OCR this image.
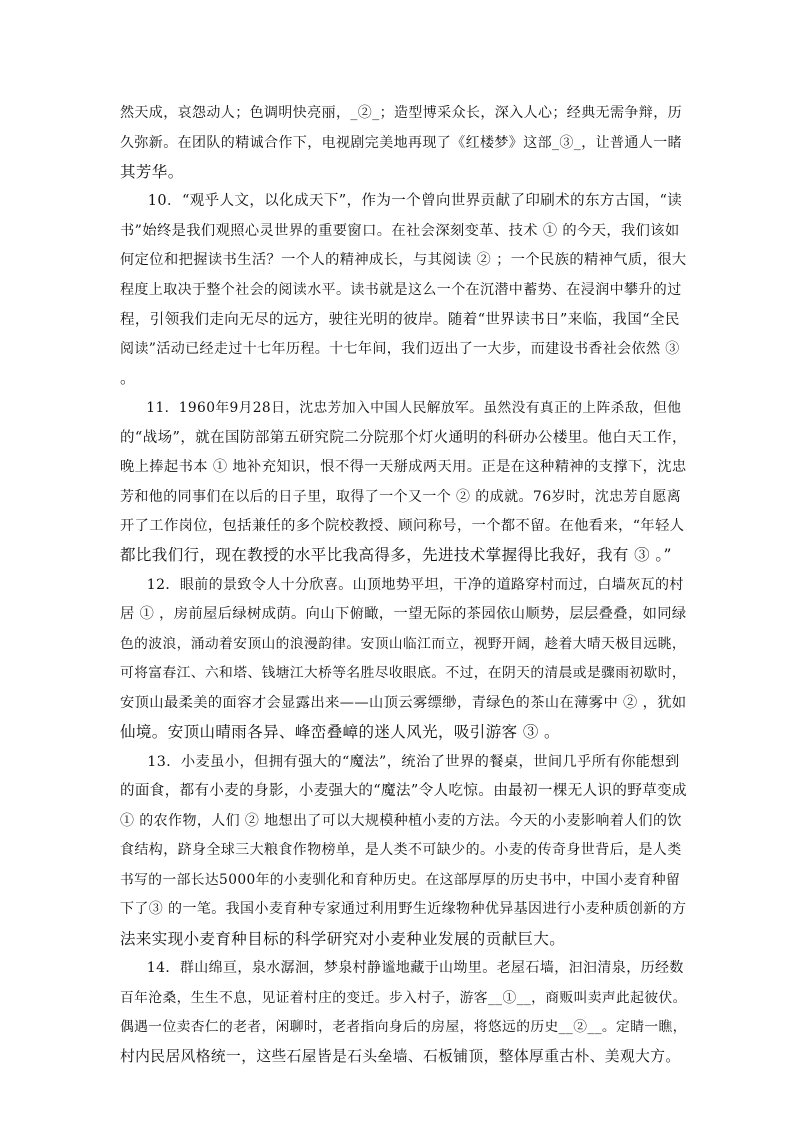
然天成，哀怨动人；色调明快亮丽，_②_；造型博采众长，深入人心；经典无需争辩，历
久弥新。在团队的精诚合作下，电视剧完美地再现了《红楼梦》这部_③_，让普通人一睹
其芳华。
　　10．“观乎人文，以化成天下”，作为一个曾向世界贡献了印刷术的东方古国，“读
书”始终是我们观照心灵世界的重要窗口。在社会深刻变革、技术 ① 的今天，我们该如
何定位和把握读书生活？一个人的精神成长，与其阅读 ② ；一个民族的精神气质，很大
程度上取决于整个社会的阅读水平。读书就是这么一个在沉潜中蓄势、在浸润中攀升的过
程，引领我们走向无尽的远方，驶往光明的彼岸。随着“世界读书日”来临，我国“全民
阅读”活动已经走过十七年历程。十七年间，我们迈出了一大步，而建设书香社会依然 ③
。
　　11．1960年9月28日，沈忠芳加入中国人民解放军。虽然没有真正的上阵杀敌，但他
的“战场”，就在国防部第五研究院二分院那个灯火通明的科研办公楼里。他白天工作，
晚上捧起书本 ① 地补充知识，恨不得一天掰成两天用。正是在这种精神的支撑下，沈忠
芳和他的同事们在以后的日子里，取得了一个又一个 ② 的成就。76岁时，沈忠芳自愿离
开了工作岗位，包括兼任的多个院校教授、顾问称号，一个都不留。在他看来，“年轻人
都比我们行，现在教授的水平比我高得多，先进技术掌握得比我好，我有 ③ 。”
　　12．眼前的景致令人十分欣喜。山顶地势平坦，干净的道路穿村而过，白墙灰瓦的村
居 ① ，房前屋后绿树成荫。向山下俯瞰，一望无际的茶园依山顺势，层层叠叠，如同绿
色的波浪，涌动着安顶山的浪漫韵律。安顶山临江而立，视野开阔，趁着大晴天极目远眺，
可将富春江、六和塔、钱塘江大桥等名胜尽收眼底。不过，在阴天的清晨或是骤雨初歇时，
安顶山最柔美的面容才会显露出来——山顶云雾缥缈，青绿色的茶山在薄雾中 ② ，犹如
仙境。安顶山晴雨各异、峰峦叠嶂的迷人风光，吸引游客 ③ 。
　　13．小麦虽小，但拥有强大的“魔法”，统治了世界的餐桌，世间几乎所有你能想到
的面食，都有小麦的身影，小麦强大的“魔法”令人吃惊。由最初一棵无人识的野草变成
① 的农作物，人们 ② 地想出了可以大规模种植小麦的方法。今天的小麦影响着人们的饮
食结构，跻身全球三大粮食作物榜单，是人类不可缺少的。小麦的传奇身世背后，是人类
书写的一部长达5000年的小麦驯化和育种历史。在这部厚厚的历史书中，中国小麦育种留
下了③ 的一笔。我国小麦育种专家通过利用野生近缘物种优异基因进行小麦种质创新的方
法来实现小麦育种目标的科学研究对小麦种业发展的贡献巨大。
　　14．群山绵亘，泉水潺洄，梦泉村静谧地藏于山坳里。老屋石墙，汩汩清泉，历经数
百年沧桑，生生不息，见证着村庄的变迁。步入村子，游客__①__，商贩叫卖声此起彼伏。
偶遇一位卖杏仁的老者，闲聊时，老者指向身后的房屋，将悠远的历史__②__。定睛一瞧，
村内民居风格统一，这些石屋皆是石头垒墙、石板铺顶，整体厚重古朴、美观大方。
